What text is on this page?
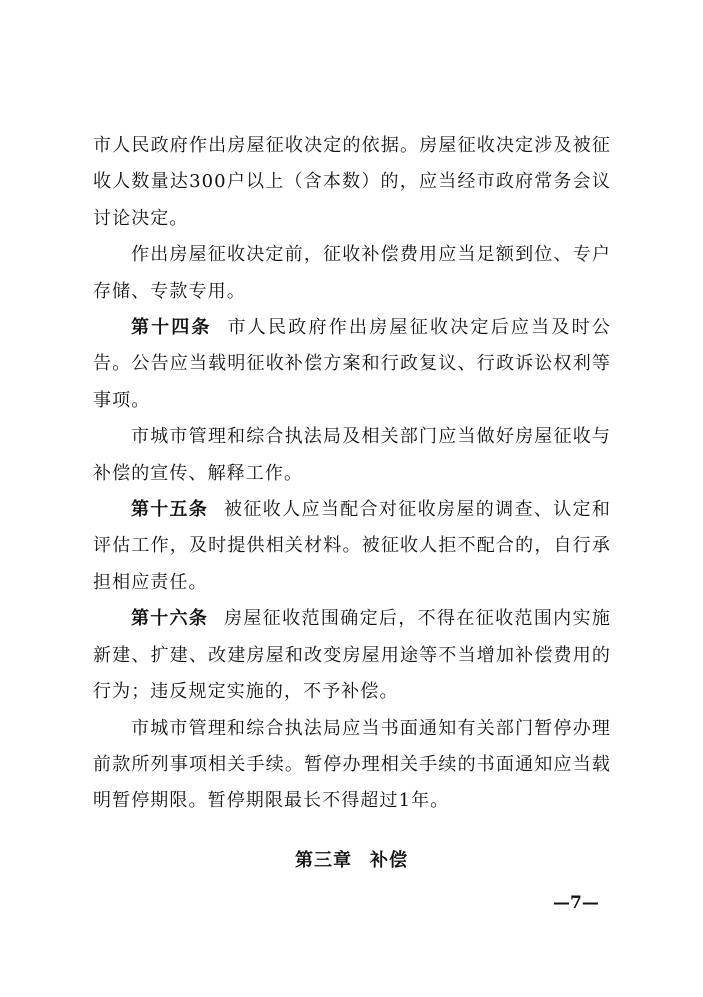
市人民政府作出房屋征收决定的依据。房屋征收决定涉及被征收人数量达300户以上（含本数）的，应当经市政府常务会议讨论决定。

作出房屋征收决定前，征收补偿费用应当足额到位、专户存储、专款专用。

第十四条 市人民政府作出房屋征收决定后应当及时公告。公告应当载明征收补偿方案和行政复议、行政诉讼权利等事项。

市城市管理和综合执法局及相关部门应当做好房屋征收与补偿的宣传、解释工作。

第十五条 被征收人应当配合对征收房屋的调查、认定和评估工作，及时提供相关材料。被征收人拒不配合的，自行承担相应责任。

第十六条 房屋征收范围确定后，不得在征收范围内实施新建、扩建、改建房屋和改变房屋用途等不当增加补偿费用的行为；违反规定实施的，不予补偿。

市城市管理和综合执法局应当书面通知有关部门暂停办理前款所列事项相关手续。暂停办理相关手续的书面通知应当载明暂停期限。暂停期限最长不得超过1年。

第三章 补偿
—7—
